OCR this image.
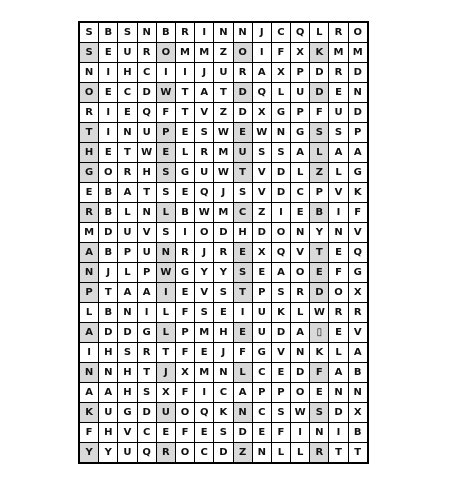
S	B	S	N	B	R	I	N	N	J	C	Q	L	R	O
S	E	U	R	O	M	M	Z	O	I	F	X	K	M	M
N	I	H	C	I	I	J	U	R	A	X	P	D	R	D
O	E	C	D	W	T	A	T	D	Q	L	U	D	E	N
R	I	E	Q	F	T	V	Z	D	X	G	P	F	U	D
T	I	N	U	P	E	S	W	E	W	N	G	S	S	P
H	E	T	W	E	L	R	M	U	S	S	A	L	A	A
G	O	R	H	S	G	U	W	T	V	D	L	Z	L	G
E	B	A	T	S	E	Q	J	S	V	D	C	P	V	K
R	B	L	N	L	B	W	M	C	Z	I	E	B	I	F
M	D	U	V	S	I	O	D	H	D	O	N	Y	N	V
A	B	P	U	N	R	J	R	E	X	Q	V	T	E	Q
N	J	L	P	W	G	Y	Y	S	E	A	O	E	F	G
P	T	A	A	I	E	V	S	T	P	S	R	D	O	X
L	B	N	I	L	F	S	E	I	U	K	L	W	R	R
A	D	D	G	L	P	M	H	E	U	D	A	▯	E	V
I	H	S	R	T	F	E	J	F	G	V	N	K	L	A
N	N	H	T	J	X	M	N	L	C	E	D	F	A	B
A	A	H	S	X	F	I	C	A	P	P	O	E	N	N
K	U	G	D	U	O	Q	K	N	C	S	W	S	D	X
F	H	V	C	E	F	E	S	D	E	F	I	N	I	B
Y	Y	U	Q	R	O	C	D	Z	N	L	L	R	T	T
